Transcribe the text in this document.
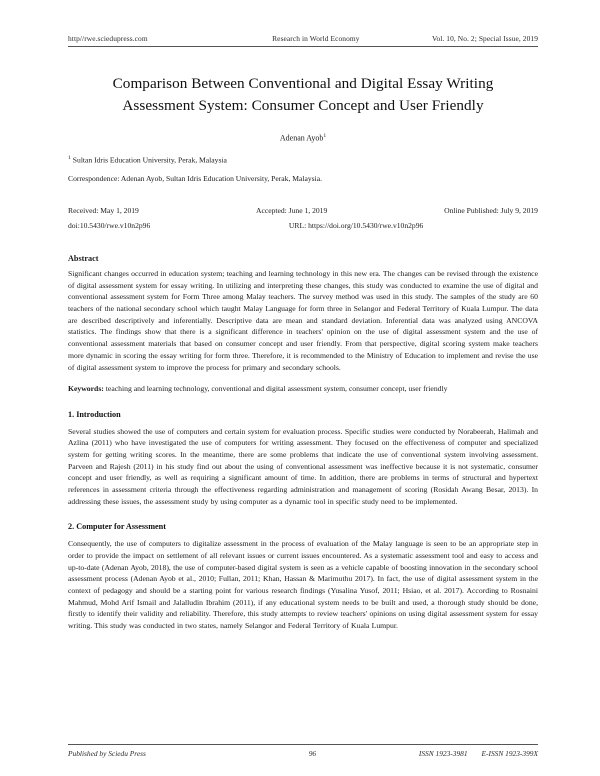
http//rwe.sciedupress.com	Research in World Economy	Vol. 10, No. 2; Special Issue, 2019
Comparison Between Conventional and Digital Essay Writing
Assessment System: Consumer Concept and User Friendly
Adenan Ayob$^1$
$^1$ Sultan Idris Education University, Perak, Malaysia
Correspondence: Adenan Ayob, Sultan Idris Education University, Perak, Malaysia.
Received: May 1, 2019	Accepted: June 1, 2019	Online Published: July 9, 2019
doi:10.5430/rwe.v10n2p96	URL: https://doi.org/10.5430/rwe.v10n2p96
Abstract

Significant changes occurred in education system; teaching and learning technology in this new era. The changes can be revised through the existence of digital assessment system for essay writing. In utilizing and interpreting these changes, this study was conducted to examine the use of digital and conventional assessment system for Form Three among Malay teachers. The survey method was used in this study. The samples of the study are 60 teachers of the national secondary school which taught Malay Language for form three in Selangor and Federal Territory of Kuala Lumpur. The data are described descriptively and inferentially. Descriptive data are mean and standard deviation. Inferential data was analyzed using ANCOVA statistics. The findings show that there is a significant difference in teachers' opinion on the use of digital assessment system and the use of conventional assessment materials that based on consumer concept and user friendly. From that perspective, digital scoring system make teachers more dynamic in scoring the essay writing for form three. Therefore, it is recommended to the Ministry of Education to implement and revise the use of digital assessment system to improve the process for primary and secondary schools.

Keywords: teaching and learning technology, conventional and digital assessment system, consumer concept, user friendly
1. Introduction

Several studies showed the use of computers and certain system for evaluation process. Specific studies were conducted by Norabeerah, Halimah and Azlina (2011) who have investigated the use of computers for writing assessment. They focused on the effectiveness of computer and specialized system for getting writing scores. In the meantime, there are some problems that indicate the use of conventional system involving assessment. Parveen and Rajesh (2011) in his study find out about the using of conventional assessment was ineffective because it is not systematic, consumer concept and user friendly, as well as requiring a significant amount of time. In addition, there are problems in terms of structural and hypertext references in assessment criteria through the effectiveness regarding administration and management of scoring (Rosidah Awang Besar, 2013). In addressing these issues, the assessment study by using computer as a dynamic tool in specific study need to be implemented.

2. Computer for Assessment

Consequently, the use of computers to digitalize assessment in the process of evaluation of the Malay language is seen to be an appropriate step in order to provide the impact on settlement of all relevant issues or current issues encountered. As a systematic assessment tool and easy to access and up-to-date (Adenan Ayob, 2018), the use of computer-based digital system is seen as a vehicle capable of boosting innovation in the secondary school assessment process (Adenan Ayob et al., 2010; Fullan, 2011; Khan, Hassan & Marimuthu 2017). In fact, the use of digital assessment system in the context of pedagogy and should be a starting point for various research findings (Yusalina Yusof, 2011; Hsiao, et al. 2017). According to Rosnaini Mahmud, Mohd Arif Ismail and Jalalludin Ibrahim (2011), if any educational system needs to be built and used, a thorough study should be done, firstly to identify their validity and reliability. Therefore, this study attempts to review teachers' opinions on using digital assessment system for essay writing. This study was conducted in two states, namely Selangor and Federal Territory of Kuala Lumpur.

Published by Sciedu Press	96	ISSN 1923-3981 E-ISSN 1923-399X
